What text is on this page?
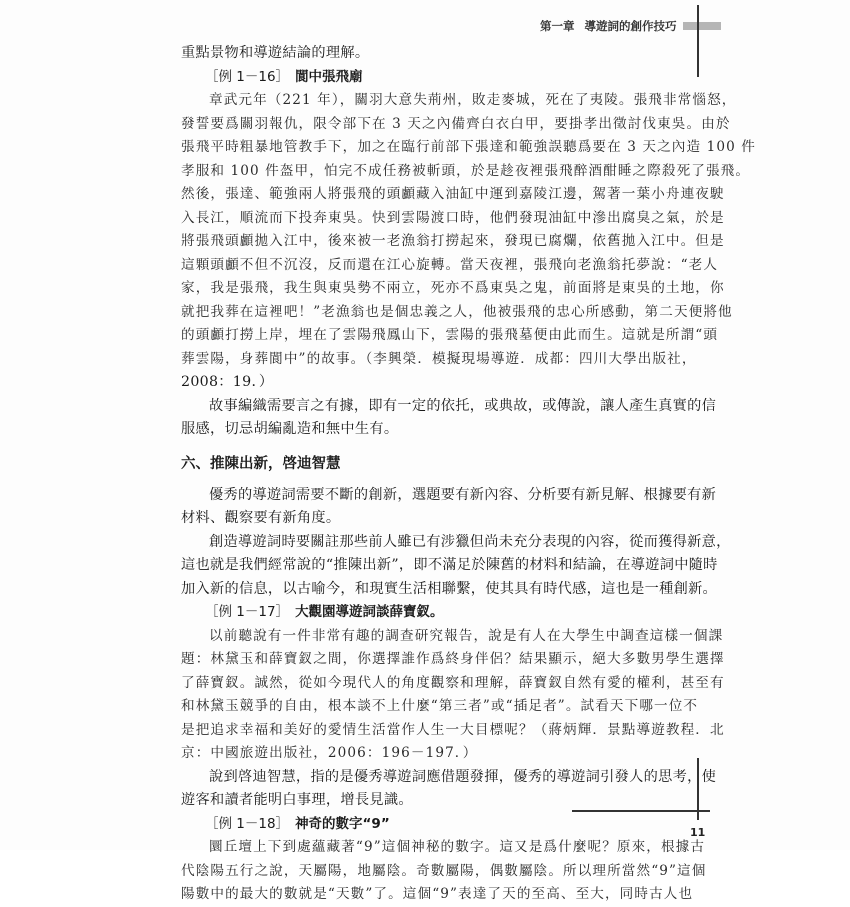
第一章 導遊詞的創作技巧
重點景物和導遊結論的理解。
［例 1－16］ 閬中張飛廟
章武元年（221 年），關羽大意失荊州，敗走麥城，死在了夷陵。張飛非常惱怒，
發誓要爲關羽報仇，限令部下在 3 天之內備齊白衣白甲，要掛孝出徵討伐東吳。由於
張飛平時粗暴地管教手下，加之在臨行前部下張達和範強誤聽爲要在 3 天之內造 100 件
孝服和 100 件盔甲，怕完不成任務被斬頭，於是趁夜裡張飛醉酒酣睡之際殺死了張飛。
然後，張達、範強兩人將張飛的頭顱藏入油缸中運到嘉陵江邊，駕著一葉小舟連夜駛
入長江，順流而下投奔東吳。快到雲陽渡口時，他們發現油缸中滲出腐臭之氣，於是
將張飛頭顱拋入江中，後來被一老漁翁打撈起來，發現已腐爛，依舊拋入江中。但是
這顆頭顱不但不沉沒，反而還在江心旋轉。當天夜裡，張飛向老漁翁托夢說：“老人
家，我是張飛，我生與東吳勢不兩立，死亦不爲東吳之鬼，前面將是東吳的土地，你
就把我葬在這裡吧！”老漁翁也是個忠義之人，他被張飛的忠心所感動，第二天便將他
的頭顱打撈上岸，埋在了雲陽飛鳳山下，雲陽的張飛墓便由此而生。這就是所謂“頭
葬雲陽，身葬閬中”的故事。（李興榮．模擬現場導遊．成都：四川大學出版社，
2008：19．）
故事編織需要言之有據，即有一定的依托，或典故，或傳說，讓人產生真實的信
服感，切忌胡編亂造和無中生有。
六、推陳出新，啓迪智慧
優秀的導遊詞需要不斷的創新，選題要有新內容、分析要有新見解、根據要有新
材料、觀察要有新角度。
創造導遊詞時要關註那些前人雖已有涉獵但尚未充分表現的內容，從而獲得新意，
這也就是我們經常說的“推陳出新”，即不滿足於陳舊的材料和結論，在導遊詞中隨時
加入新的信息，以古喻今，和現實生活相聯繫，使其具有時代感，這也是一種創新。
［例 1－17］ 大觀園導遊詞談薛寶釵。
以前聽說有一件非常有趣的調查研究報告，說是有人在大學生中調查這樣一個課
題：林黛玉和薛寶釵之間，你選擇誰作爲終身伴侶？結果顯示，絕大多數男學生選擇
了薛寶釵。誠然，從如今現代人的角度觀察和理解，薛寶釵自然有愛的權利，甚至有
和林黛玉競爭的自由，根本談不上什麼“第三者”或“插足者”。試看天下哪一位不
是把追求幸福和美好的愛情生活當作人生一大目標呢？（蔣炳輝．景點導遊教程．北
京：中國旅遊出版社，2006：196－197．）
說到啓迪智慧，指的是優秀導遊詞應借題發揮，優秀的導遊詞引發人的思考，使
遊客和讀者能明白事理，增長見識。
［例 1－18］ 神奇的數字“9”
圜丘壇上下到處蘊藏著“9”這個神秘的數字。這又是爲什麼呢？原來，根據古
代陰陽五行之說，天屬陽，地屬陰。奇數屬陽，偶數屬陰。所以理所當然“9”這個
陽數中的最大的數就是“天數”了。這個“9”表達了天的至高、至大，同時古人也
11
